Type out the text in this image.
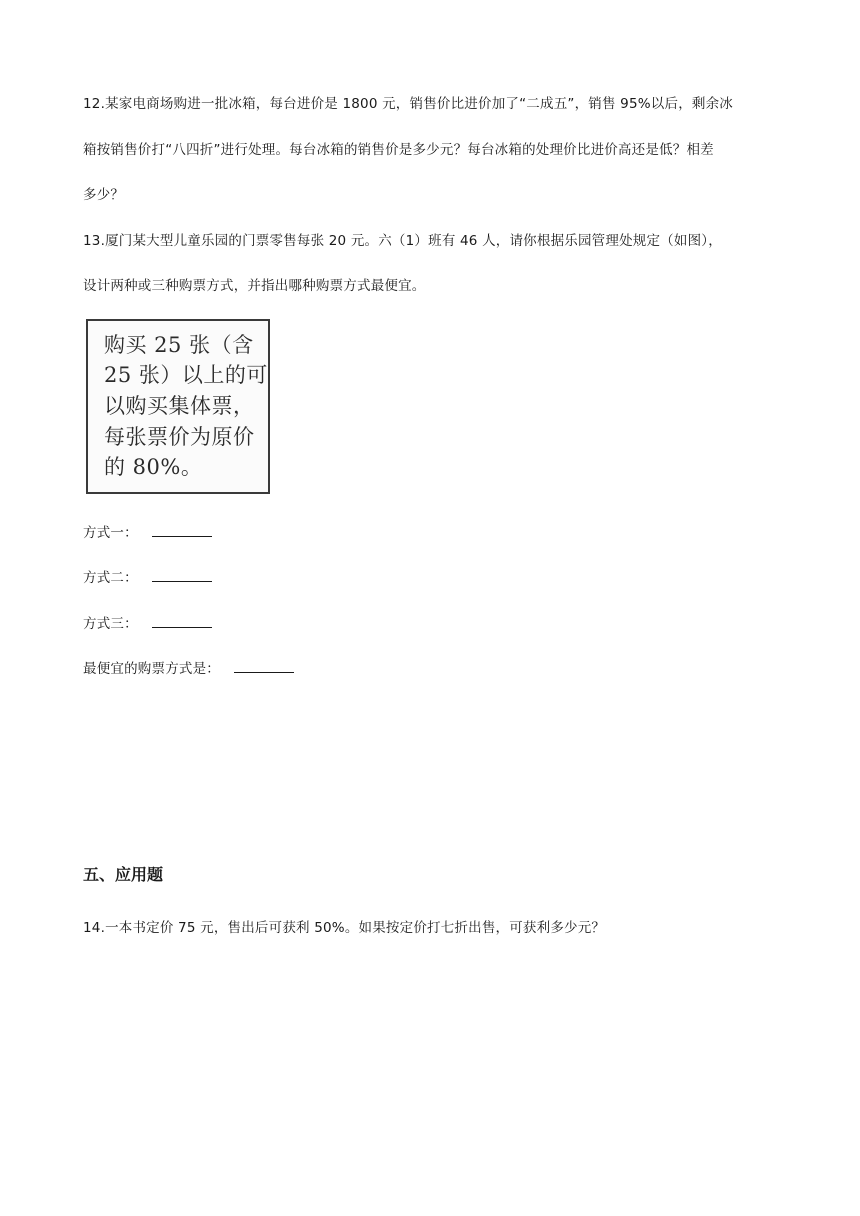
12.某家电商场购进一批冰箱，每台进价是 1800 元，销售价比进价加了“二成五”，销售 95%以后，剩余冰
箱按销售价打“八四折”进行处理。每台冰箱的销售价是多少元？每台冰箱的处理价比进价高还是低？相差
多少？
13.厦门某大型儿童乐园的门票零售每张 20 元。六（1）班有 46 人，请你根据乐园管理处规定（如图），
设计两种或三种购票方式，并指出哪种购票方式最便宜。
购买 25 张（含
25 张）以上的可
以购买集体票，
每张票价为原价
的 80%。
方式一：
方式二：
方式三：
最便宜的购票方式是：
五、应用题
14.一本书定价 75 元，售出后可获利 50%。如果按定价打七折出售，可获利多少元？
